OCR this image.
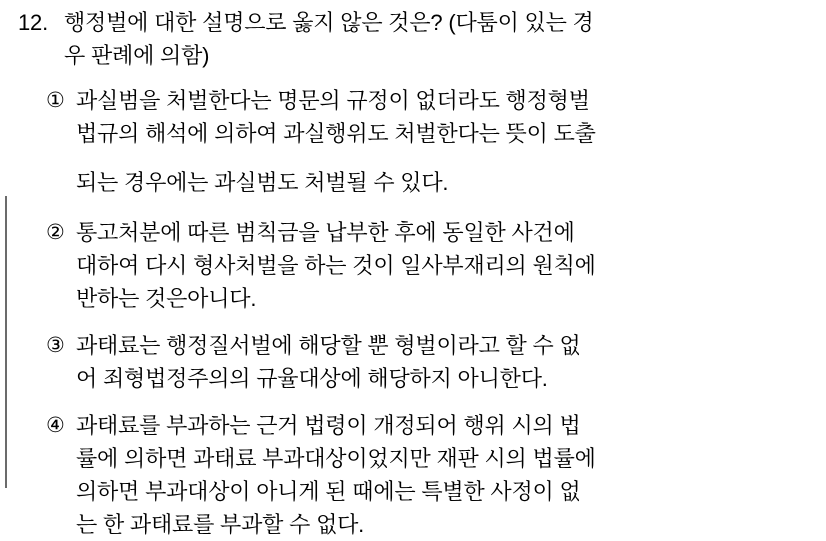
12. 행정벌에 대한 설명으로 옳지 않은 것은? (다툼이 있는 경
우 판례에 의함)
① 과실범을 처벌한다는 명문의 규정이 없더라도 행정형벌
법규의 해석에 의하여 과실행위도 처벌한다는 뜻이 도출
되는 경우에는 과실범도 처벌될 수 있다.
② 통고처분에 따른 범칙금을 납부한 후에 동일한 사건에
대하여 다시 형사처벌을 하는 것이 일사부재리의 원칙에
반하는 것은아니다.
③ 과태료는 행정질서벌에 해당할 뿐 형벌이라고 할 수 없
어 죄형법정주의의 규율대상에 해당하지 아니한다.
④ 과태료를 부과하는 근거 법령이 개정되어 행위 시의 법
률에 의하면 과태료 부과대상이었지만 재판 시의 법률에
의하면 부과대상이 아니게 된 때에는 특별한 사정이 없
는 한 과태료를 부과할 수 없다.
